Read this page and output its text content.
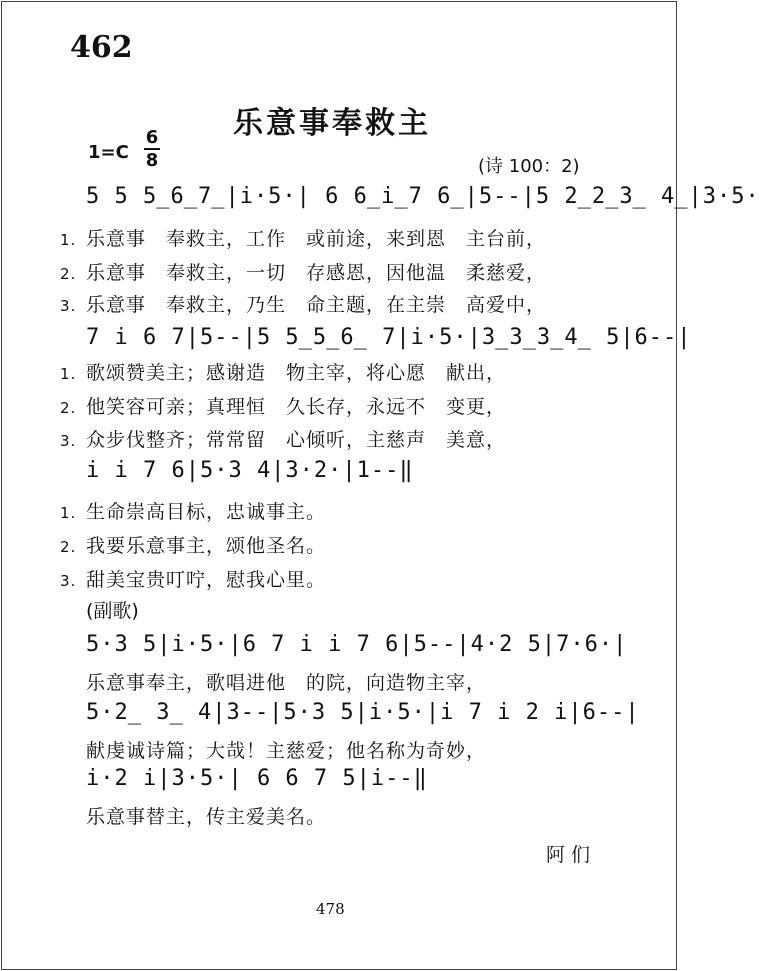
462
乐意事奉救主
1=C
6
8	(诗 100：2)
5 5 5̲6̲7̲|i·5·| 6 6̲i̲7 6̲|5--|5 2̲2̲3̲ 4̲|3·5·
1. 乐意事　奉救主，工作　或前途，来到恩　主台前，
2. 乐意事　奉救主，一切　存感恩，因他温　柔慈爱，
3. 乐意事　奉救主，乃生　命主题，在主崇　高爱中，
7 i 6 7|5--|5 5̲5̲6̲ 7|i·5·|3̲3̲3̲4̲ 5|6--|
1. 歌颂赞美主；感谢造　物主宰，将心愿　献出，
2. 他笑容可亲；真理恒　久长存，永远不　变更，
3. 众步伐整齐；常常留　心倾听，主慈声　美意，
i i 7 6|5·3 4|3·2·|1--‖
1. 生命崇高目标，忠诚事主。
2. 我要乐意事主，颂他圣名。
3. 甜美宝贵叮咛，慰我心里。
(副歌)
5·3 5|i·5·|6 7 i i 7 6|5--|4·2 5|7·6·|
乐意事奉主，歌唱进他　的院，向造物主宰，
5·2̲ 3̲ 4|3--|5·3 5|i·5·|i 7 i 2 i|6--|
献虔诚诗篇；大哉！主慈爱；他名称为奇妙，
i·2 i|3·5·| 6 6 7 5|i--‖
乐意事替主，传主爱美名。
阿们
478
